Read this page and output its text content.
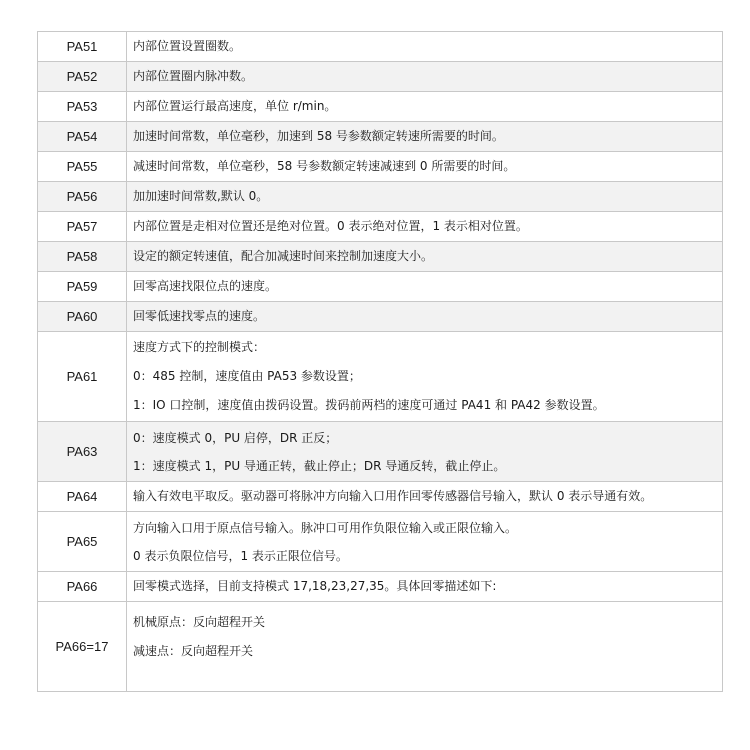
PA51	内部位置设置圈数。

PA52	内部位置圈内脉冲数。

PA53	内部位置运行最高速度，单位 r/min。

PA54	加速时间常数，单位毫秒，加速到 58 号参数额定转速所需要的时间。

PA55	减速时间常数，单位毫秒，58 号参数额定转速减速到 0 所需要的时间。

PA56	加加速时间常数,默认 0。

PA57	内部位置是走相对位置还是绝对位置。0 表示绝对位置，1 表示相对位置。

PA58	设定的额定转速值，配合加减速时间来控制加速度大小。

PA59	回零高速找限位点的速度。

PA60	回零低速找零点的速度。

PA61	速度方式下的控制模式：
0：485 控制，速度值由 PA53 参数设置；
1：IO 口控制，速度值由拨码设置。拨码前两档的速度可通过 PA41 和 PA42 参数设置。

PA63	0：速度模式 0，PU 启停，DR 正反；
1：速度模式 1，PU 导通正转，截止停止；DR 导通反转，截止停止。

PA64	输入有效电平取反。驱动器可将脉冲方向输入口用作回零传感器信号输入，默认 0 表示导通有效。

PA65	方向输入口用于原点信号输入。脉冲口可用作负限位输入或正限位输入。
0 表示负限位信号，1 表示正限位信号。

PA66	回零模式选择，目前支持模式 17,18,23,27,35。具体回零描述如下:

PA66=17	机械原点：反向超程开关
减速点：反向超程开关
